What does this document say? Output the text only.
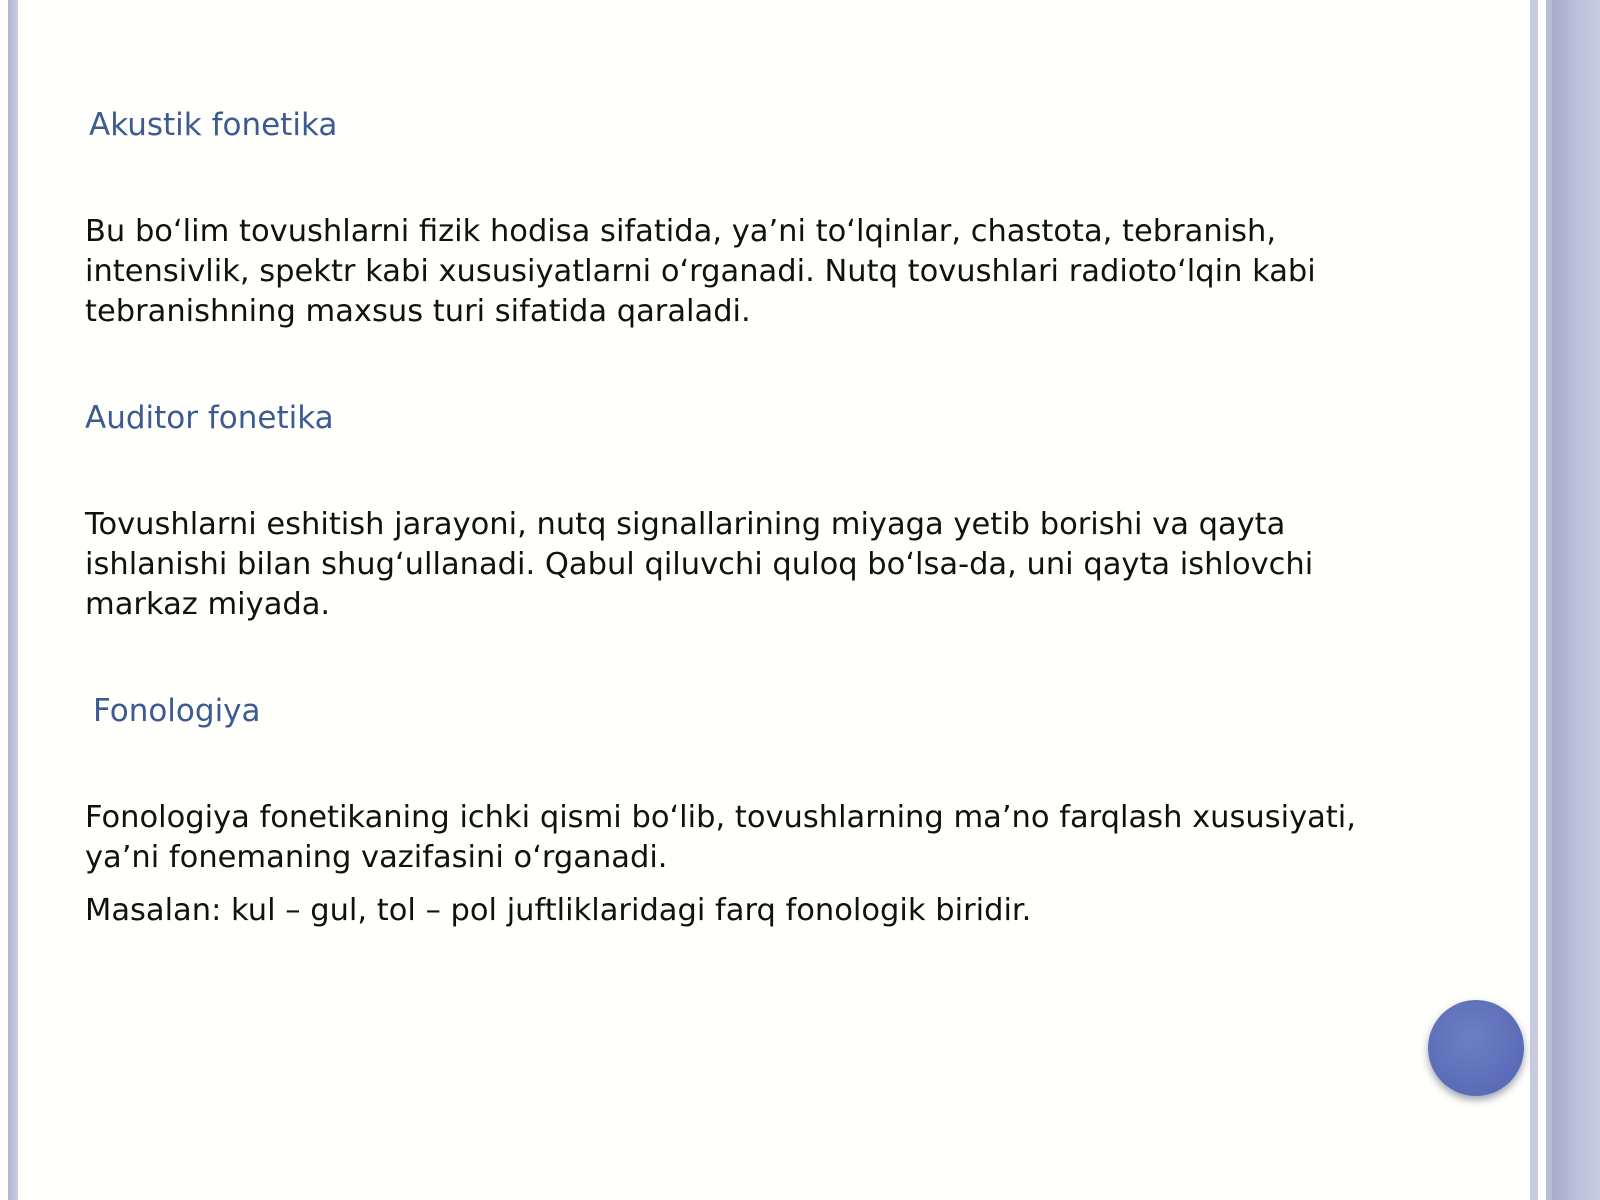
Akustik fonetika
Bu bo‘lim tovushlarni fizik hodisa sifatida, ya’ni to‘lqinlar, chastota, tebranish, intensivlik, spektr kabi xususiyatlarni o‘rganadi. Nutq tovushlari radioto‘lqin kabi tebranishning maxsus turi sifatida qaraladi.
Auditor fonetika
Tovushlarni eshitish jarayoni, nutq signallarining miyaga yetib borishi va qayta ishlanishi bilan shug‘ullanadi. Qabul qiluvchi quloq bo‘lsa-da, uni qayta ishlovchi markaz miyada.
Fonologiya
Fonologiya fonetikaning ichki qismi bo‘lib, tovushlarning ma’no farqlash xususiyati, ya’ni fonemaning vazifasini o‘rganadi.
Masalan: kul – gul, tol – pol juftliklaridagi farq fonologik biridir.
